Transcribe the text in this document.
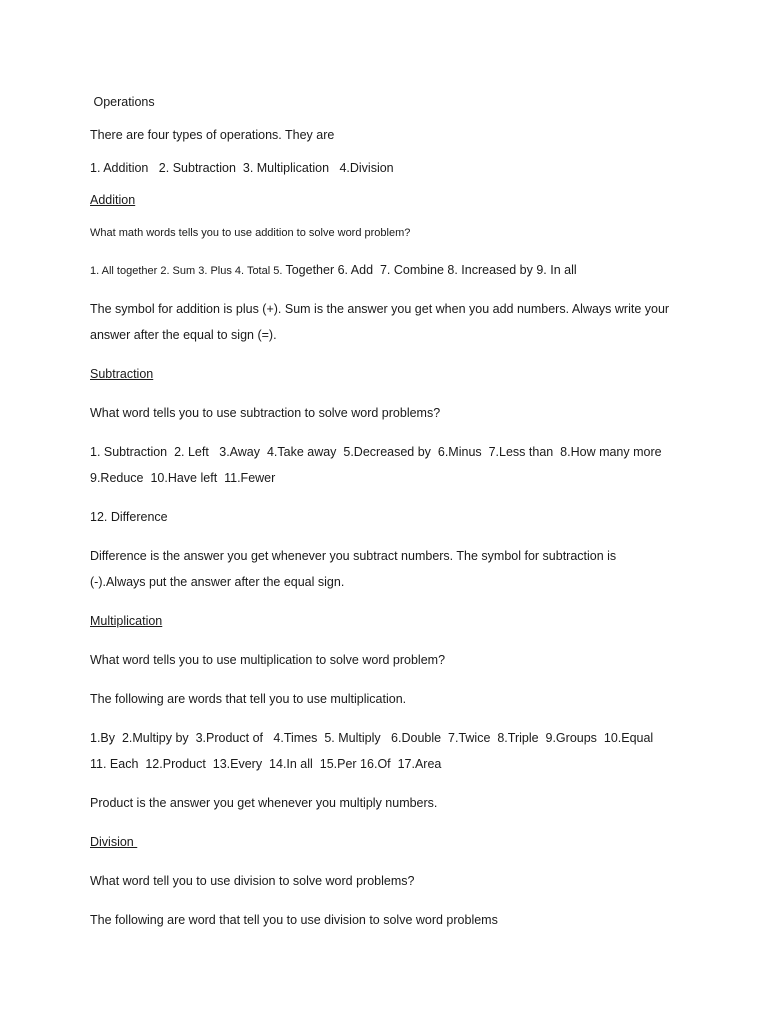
Operations
There are four types of operations. They are
1. Addition   2. Subtraction  3. Multiplication   4.Division
Addition
What math words tells you to use addition to solve word problem?
1. All together 2. Sum 3. Plus 4. Total 5. Together 6. Add  7. Combine 8. Increased by 9. In all
The symbol for addition is plus (+). Sum is the answer you get when you add numbers. Always write your
answer after the equal to sign (=).
Subtraction
What word tells you to use subtraction to solve word problems?
1. Subtraction  2. Left   3.Away  4.Take away  5.Decreased by  6.Minus  7.Less than  8.How many more
9.Reduce  10.Have left  11.Fewer
12. Difference
Difference is the answer you get whenever you subtract numbers. The symbol for subtraction is
(-).Always put the answer after the equal sign.
Multiplication
What word tells you to use multiplication to solve word problem?
The following are words that tell you to use multiplication.
1.By  2.Multipy by  3.Product of   4.Times  5. Multiply   6.Double  7.Twice  8.Triple  9.Groups  10.Equal
11. Each  12.Product  13.Every  14.In all  15.Per 16.Of  17.Area
Product is the answer you get whenever you multiply numbers.
Division
What word tell you to use division to solve word problems?
The following are word that tell you to use division to solve word problems
